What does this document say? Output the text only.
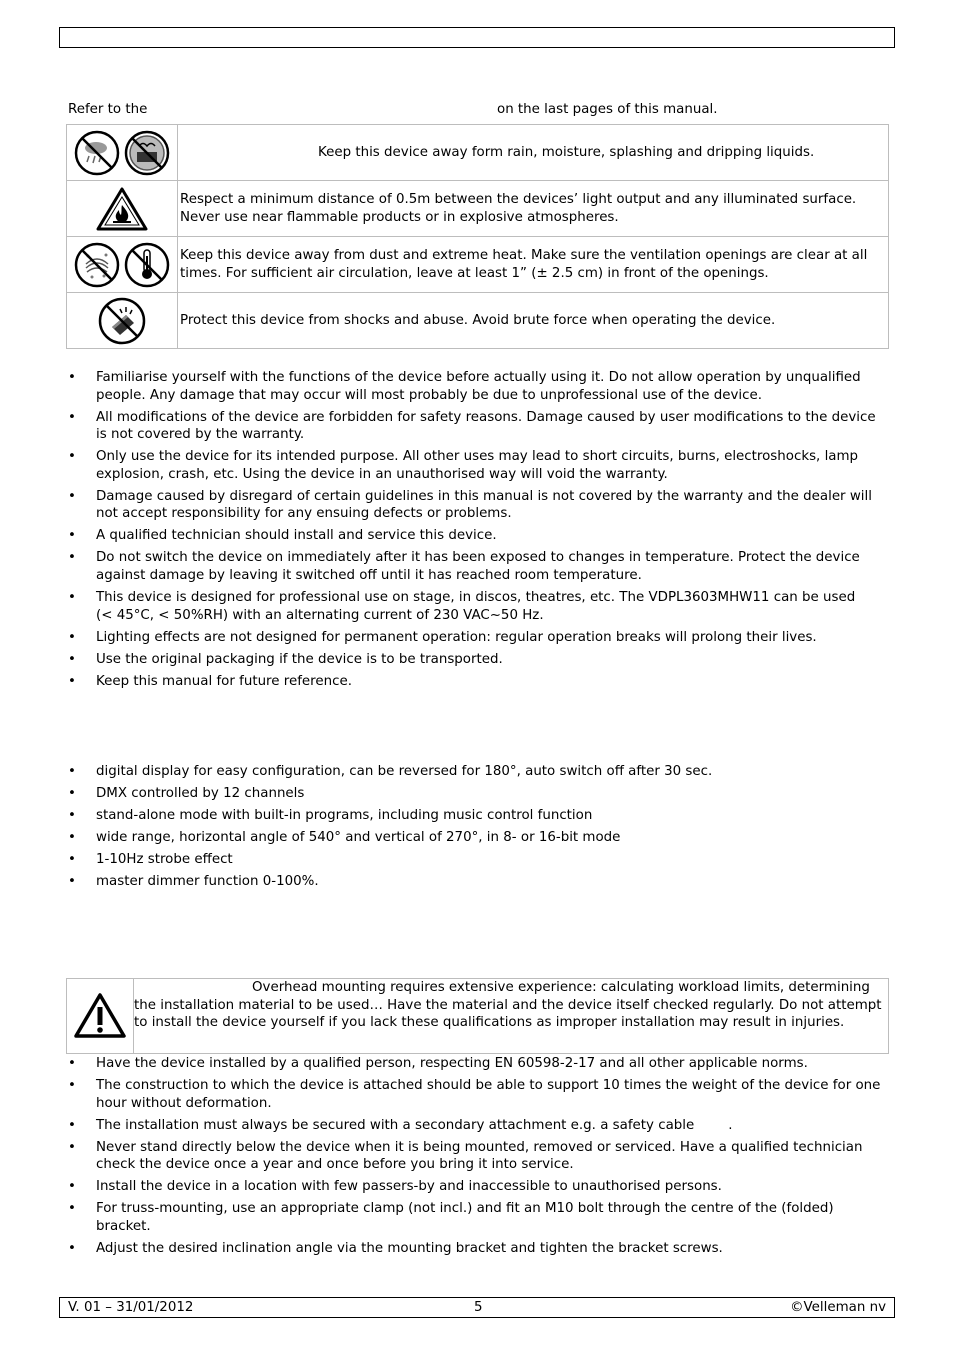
Refer to the	on the last pages of this manual.
	Keep this device away form rain, moisture, splashing and dripping liquids.

	Respect a minimum distance of 0.5m between the devices’ light output and any illuminated surface. Never use near flammable products or in explosive atmospheres.

	Keep this device away from dust and extreme heat. Make sure the ventilation openings are clear at all times. For sufficient air circulation, leave at least 1” (± 2.5 cm) in front of the openings.

	Protect this device from shocks and abuse. Avoid brute force when operating the device.
• Familiarise yourself with the functions of the device before actually using it. Do not allow operation by unqualified people. Any damage that may occur will most probably be due to unprofessional use of the device.
• All modifications of the device are forbidden for safety reasons. Damage caused by user modifications to the device is not covered by the warranty.
• Only use the device for its intended purpose. All other uses may lead to short circuits, burns, electroshocks, lamp explosion, crash, etc. Using the device in an unauthorised way will void the warranty.
• Damage caused by disregard of certain guidelines in this manual is not covered by the warranty and the dealer will not accept responsibility for any ensuing defects or problems.
• A qualified technician should install and service this device.
• Do not switch the device on immediately after it has been exposed to changes in temperature. Protect the device against damage by leaving it switched off until it has reached room temperature.
• This device is designed for professional use on stage, in discos, theatres, etc. The VDPL3603MHW11 can be used                (< 45°C, < 50%RH) with an alternating current of 230 VAC~50 Hz.
• Lighting effects are not designed for permanent operation: regular operation breaks will prolong their lives.
• Use the original packaging if the device is to be transported.
• Keep this manual for future reference.
• digital display for easy configuration, can be reversed for 180°, auto switch off after 30 sec.
• DMX controlled by 12 channels
• stand-alone mode with built-in programs, including music control function
• wide range, horizontal angle of 540° and vertical of 270°, in 8- or 16-bit mode
• 1-10Hz strobe effect
• master dimmer function 0-100%.
Overhead mounting requires extensive experience: calculating workload limits, determining the installation material to be used… Have the material and the device itself checked regularly. Do not attempt to install the device yourself if you lack these qualifications as improper installation may result in injuries.
• Have the device installed by a qualified person, respecting EN 60598-2-17 and all other applicable norms.
• The construction to which the device is attached should be able to support 10 times the weight of the device for one hour without deformation.
• The installation must always be secured with a secondary attachment e.g. a safety cable        .
• Never stand directly below the device when it is being mounted, removed or serviced. Have a qualified technician check the device once a year and once before you bring it into service.
• Install the device in a location with few passers-by and inaccessible to unauthorised persons.
• For truss-mounting, use an appropriate clamp (not incl.) and fit an M10 bolt through the centre of the (folded) bracket.
• Adjust the desired inclination angle via the mounting bracket and tighten the bracket screws.
V. 01 – 31/01/2012	5	©Velleman nv
